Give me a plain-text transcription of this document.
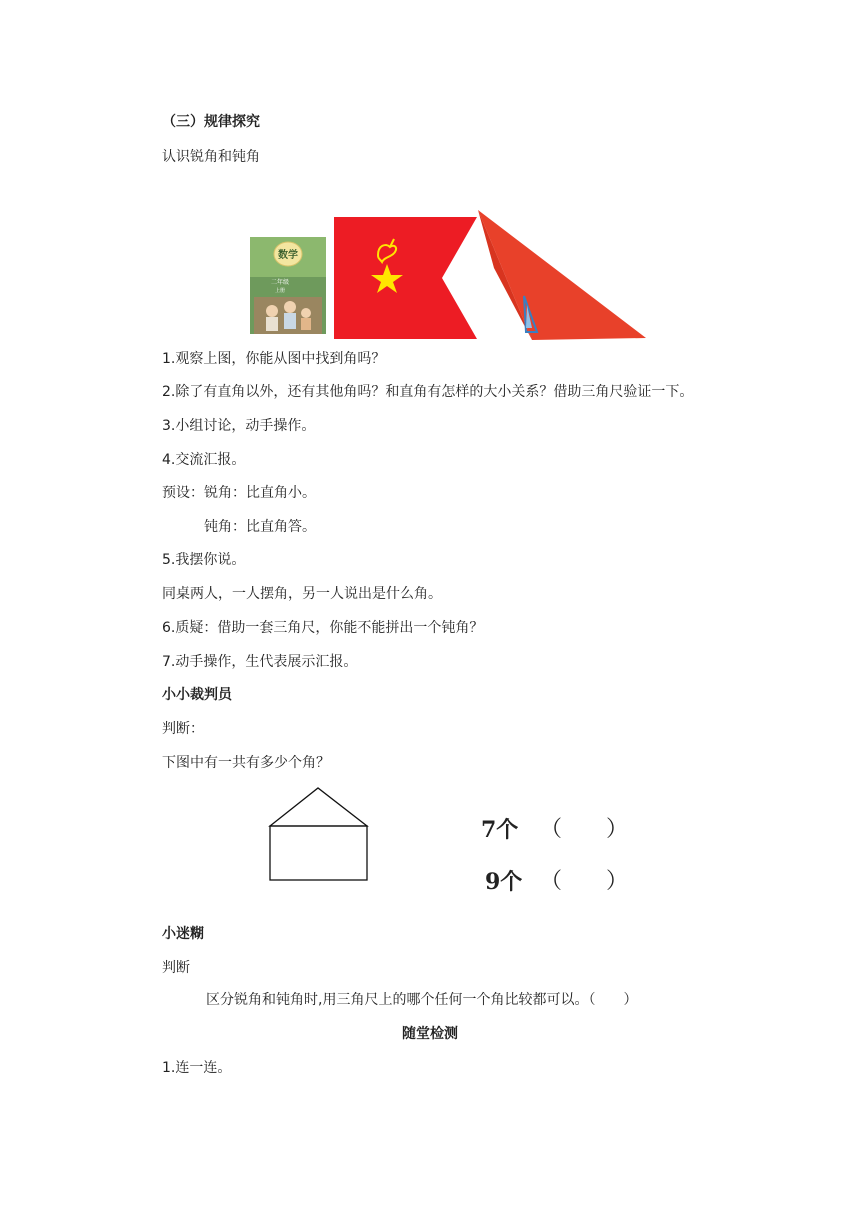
（三）规律探究
认识锐角和钝角
数学
二年级
上册
1.观察上图，你能从图中找到角吗？
2.除了有直角以外，还有其他角吗？和直角有怎样的大小关系？借助三角尺验证一下。
3.小组讨论，动手操作。
4.交流汇报。
预设：锐角：比直角小。
钝角：比直角答。
5.我摆你说。
同桌两人，一人摆角，另一人说出是什么角。
6.质疑：借助一套三角尺，你能不能拼出一个钝角？
7.动手操作，生代表展示汇报。
小小裁判员
判断：
下图中有一共有多少个角？
7个 （　　）
9个 （　　）
小迷糊
判断
区分锐角和钝角时,用三角尺上的哪个任何一个角比较都可以。（　　）
随堂检测
1.连一连。
